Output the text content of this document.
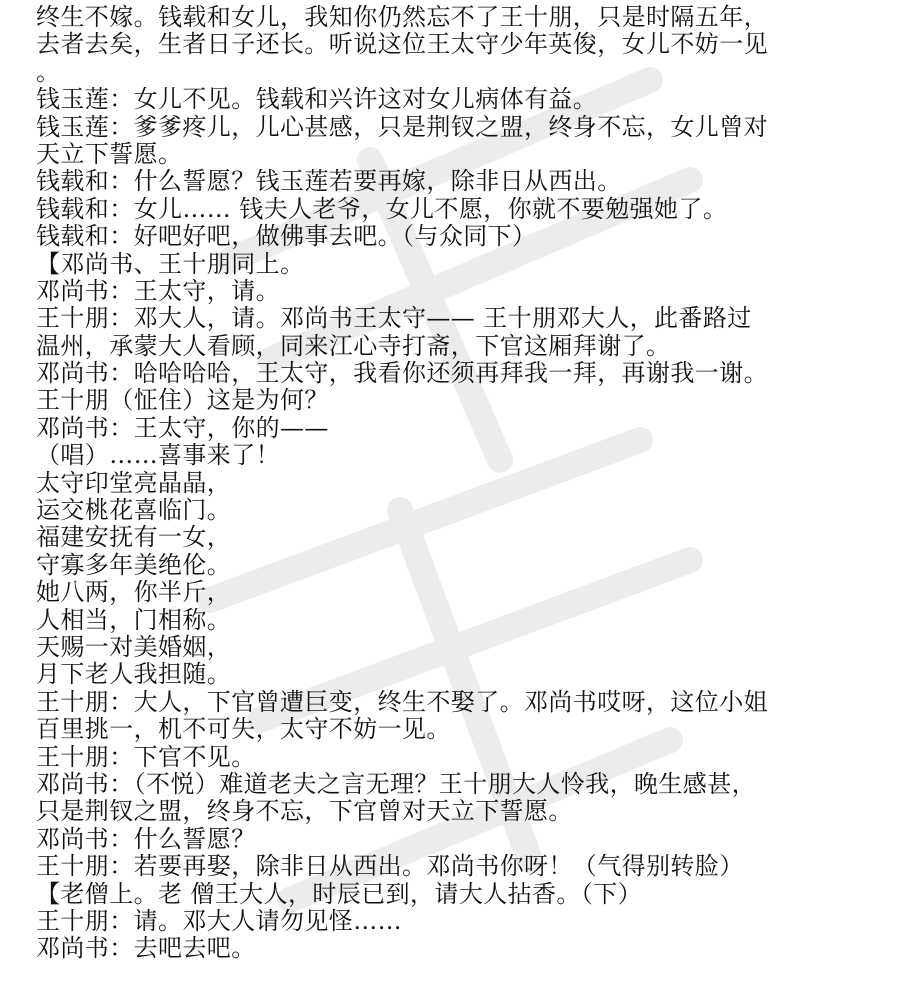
终生不嫁。钱载和女儿，我知你仍然忘不了王十朋，只是时隔五年，
去者去矣，生者日子还长。听说这位王太守少年英俊，女儿不妨一见
。
钱玉莲：女儿不见。钱载和兴许这对女儿病体有益。
钱玉莲：爹爹疼儿，儿心甚感，只是荆钗之盟，终身不忘，女儿曾对
天立下誓愿。
钱载和：什么誓愿？钱玉莲若要再嫁，除非日从西出。
钱载和：女儿…… 钱夫人老爷，女儿不愿，你就不要勉强她了。
钱载和：好吧好吧，做佛事去吧。（与众同下）
【邓尚书、王十朋同上。
邓尚书：王太守，请。
王十朋：邓大人，请。邓尚书王太守—— 王十朋邓大人，此番路过
温州，承蒙大人看顾，同来江心寺打斋，下官这厢拜谢了。
邓尚书：哈哈哈哈，王太守，我看你还须再拜我一拜，再谢我一谢。
王十朋（怔住）这是为何？
邓尚书：王太守，你的——
（唱）……喜事来了！
太守印堂亮晶晶，
运交桃花喜临门。
福建安抚有一女，
守寡多年美绝伦。
她八两，你半斤，
人相当，门相称。
天赐一对美婚姻，
月下老人我担随。
王十朋：大人，下官曾遭巨变，终生不娶了。邓尚书哎呀，这位小姐
百里挑一，机不可失，太守不妨一见。
王十朋：下官不见。
邓尚书：（不悦）难道老夫之言无理？王十朋大人怜我，晚生感甚，
只是荆钗之盟，终身不忘，下官曾对天立下誓愿。
邓尚书：什么誓愿？
王十朋：若要再娶，除非日从西出。邓尚书你呀！（气得别转脸）
【老僧上。老 僧王大人，时辰已到，请大人拈香。（下）
王十朋：请。邓大人请勿见怪……
邓尚书：去吧去吧。
